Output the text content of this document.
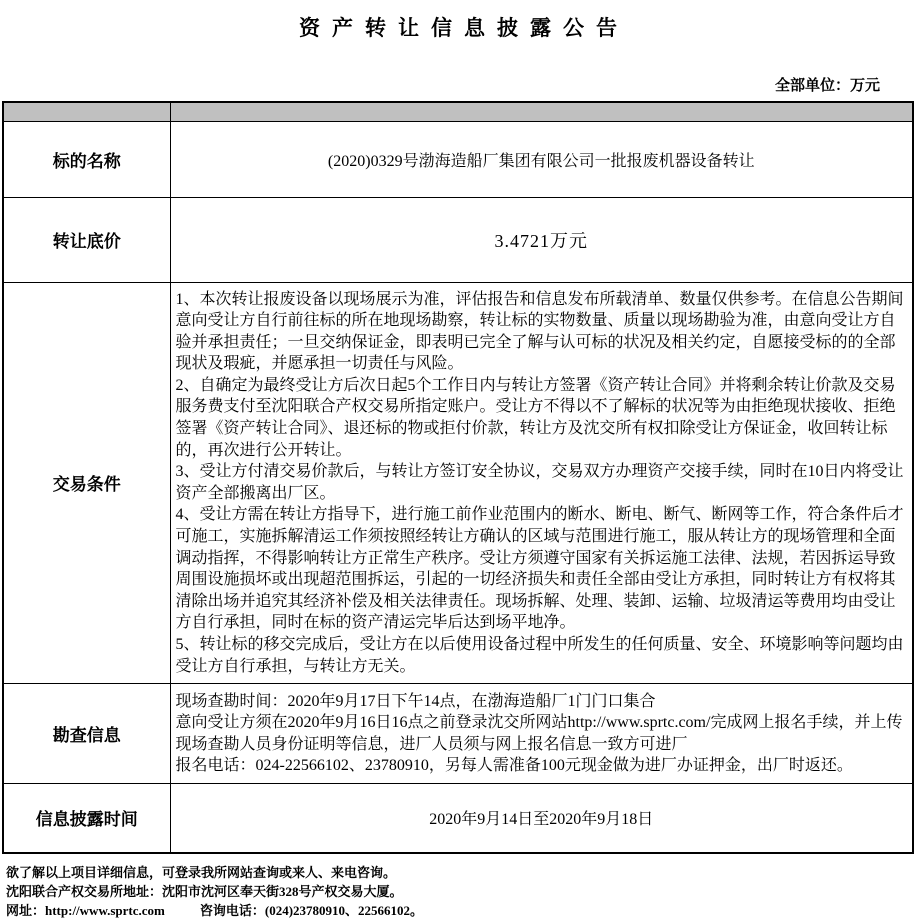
资产转让信息披露公告
全部单位：万元

标的名称	(2020)0329号渤海造船厂集团有限公司一批报废机器设备转让
转让底价	3.4721万元
交易条件	1、本次转让报废设备以现场展示为准，评估报告和信息发布所载清单、数量仅供参考。在信息公告期间意向受让方自行前往标的所在地现场勘察，转让标的实物数量、质量以现场勘验为准，由意向受让方自验并承担责任；一旦交纳保证金，即表明已完全了解与认可标的状况及相关约定，自愿接受标的的全部现状及瑕疵，并愿承担一切责任与风险。

2、自确定为最终受让方后次日起5个工作日内与转让方签署《资产转让合同》并将剩余转让价款及交易服务费支付至沈阳联合产权交易所指定账户。受让方不得以不了解标的状况等为由拒绝现状接收、拒绝签署《资产转让合同》、退还标的物或拒付价款，转让方及沈交所有权扣除受让方保证金，收回转让标的，再次进行公开转让。

3、受让方付清交易价款后，与转让方签订安全协议，交易双方办理资产交接手续，同时在10日内将受让资产全部搬离出厂区。

4、受让方需在转让方指导下，进行施工前作业范围内的断水、断电、断气、断网等工作，符合条件后才可施工，实施拆解清运工作须按照经转让方确认的区域与范围进行施工，服从转让方的现场管理和全面调动指挥，不得影响转让方正常生产秩序。受让方须遵守国家有关拆运施工法律、法规，若因拆运导致周围设施损坏或出现超范围拆运，引起的一切经济损失和责任全部由受让方承担，同时转让方有权将其清除出场并追究其经济补偿及相关法律责任。现场拆解、处理、装卸、运输、垃圾清运等费用均由受让方自行承担，同时在标的资产清运完毕后达到场平地净。

5、转让标的移交完成后，受让方在以后使用设备过程中所发生的任何质量、安全、环境影响等问题均由受让方自行承担，与转让方无关。

勘查信息	现场查勘时间：2020年9月17日下午14点，在渤海造船厂1门门口集合

意向受让方须在2020年9月16日16点之前登录沈交所网站http://www.sprtc.com/完成网上报名手续，并上传现场查勘人员身份证明等信息，进厂人员须与网上报名信息一致方可进厂

报名电话：024-22566102、23780910，另每人需准备100元现金做为进厂办证押金，出厂时返还。

信息披露时间	2020年9月14日至2020年9月18日

欲了解以上项目详细信息，可登录我所网站查询或来人、来电咨询。

沈阳联合产权交易所地址：沈阳市沈河区奉天街328号产权交易大厦。

网址：http://www.sprtc.com	咨询电话：(024)23780910、22566102。
